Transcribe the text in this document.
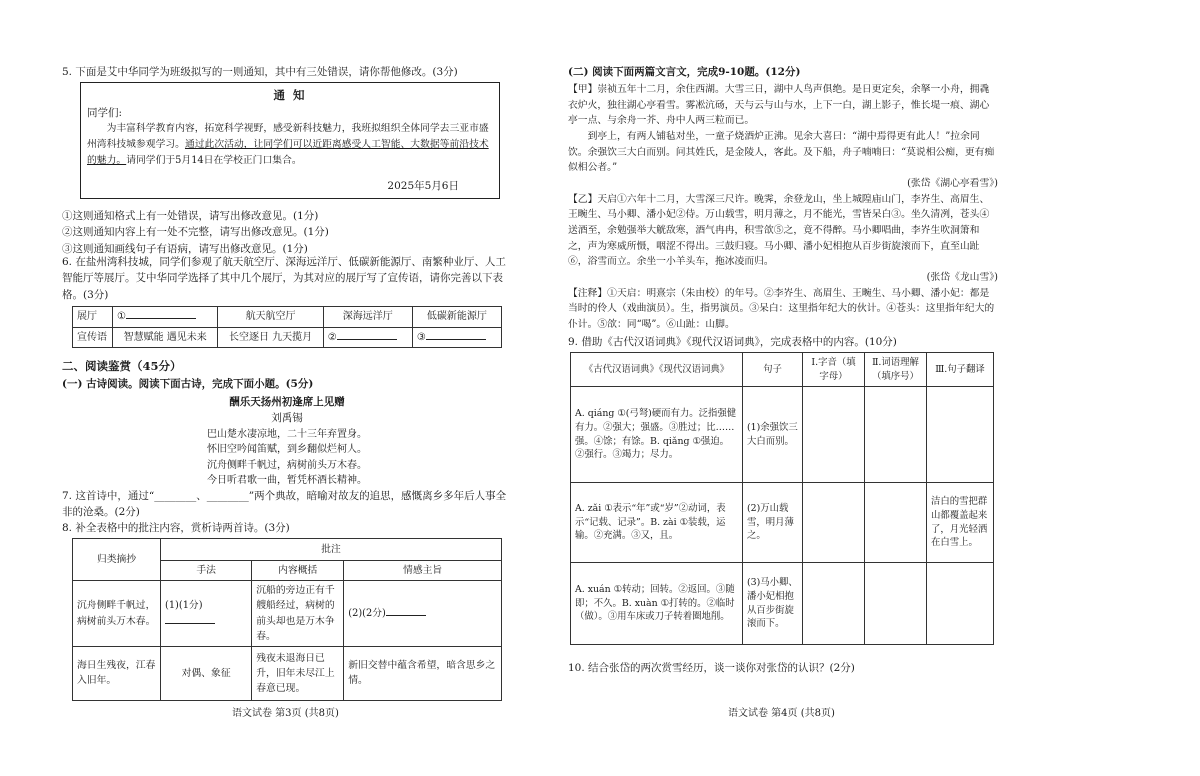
5. 下面是艾中华同学为班级拟写的一则通知，其中有三处错误，请你帮他修改。(3分)

通 知

同学们:

为丰富科学教育内容，拓宽科学视野，感受新科技魅力，我班拟组织全体同学去三亚市盛州湾科技城参观学习。通过此次活动，让同学们可以近距离感受人工智能、大数据等前沿技术的魅力。请同学们于5月14日在学校正门口集合。

2025年5月6日

①这则通知格式上有一处错误，请写出修改意见。(1分)

②这则通知内容上有一处不完整，请写出修改意见。(1分)

③这则通知画线句子有语病，请写出修改意见。(1分)

6. 在盐州湾科技城，同学们参观了航天航空厅、深海远洋厅、低碳新能源厅、南繁种业厅、人工智能厅等展厅。艾中华同学选择了其中几个展厅，为其对应的展厅写了宣传语，请你完善以下表格。(3分)

展厅	①	航天航空厅	深海远洋厅	低碳新能源厅
宣传语	智慧赋能 遇见未来	长空逐日 九天揽月	②	③

二、阅读鉴赏（45分）

(一) 古诗阅读。阅读下面古诗，完成下面小题。(5分)

酬乐天扬州初逢席上见赠

刘禹锡

巴山楚水凄凉地，二十三年弃置身。

怀旧空吟闻笛赋，到乡翻似烂柯人。

沉舟侧畔千帆过，病树前头万木春。

今日听君歌一曲，暂凭杯酒长精神。

7. 这首诗中，通过“________、________”两个典故，暗喻对故友的追思，感慨离乡多年后人事全非的沧桑。(2分)

8. 补全表格中的批注内容，赏析诗两首诗。(3分)

归类摘抄	批注		
	手法	内容概括	情感主旨
沉舟侧畔千帆过，病树前头万木春。	(1)(1分)	沉船的旁边正有千艘船经过，病树的前头却也是万木争春。	(2)(2分)
海日生残夜，江春入旧年。	对偶、象征	残夜未退海日已升，旧年未尽江上春意已现。	新旧交替中蕴含希望，暗含思乡之情。

语文试卷 第3页 (共8页)

(二) 阅读下面两篇文言文，完成9-10题。(12分)

【甲】崇祯五年十二月，余住西湖。大雪三日，湖中人鸟声俱绝。是日更定矣，余拏一小舟，拥毳衣炉火，独往湖心亭看雪。雾凇沆砀，天与云与山与水，上下一白，湖上影子，惟长堤一痕、湖心亭一点、与余舟一芥、舟中人两三粒而已。

到亭上，有两人铺毡对坐，一童子烧酒炉正沸。见余大喜曰：“湖中焉得更有此人！”拉余同饮。余强饮三大白而别。问其姓氏，是金陵人，客此。及下船，舟子喃喃曰：“莫说相公痴，更有痴似相公者。”

(张岱《湖心亭看雪》)

【乙】天启①六年十二月，大雪深三尺许。晚霁，余登龙山，坐上城隍庙山门，李岕生、高眉生、王畹生、马小卿、潘小妃②侍。万山载雪，明月薄之，月不能光，雪皆呆白③。坐久清冽，苍头④送酒至，余勉强举大觥敌寒，酒气冉冉，积雪欱⑤之，竟不得醉。马小卿唱曲，李岕生吹洞箫和之，声为寒威所慑，咽涩不得出。三鼓归寝。马小卿、潘小妃相抱从百步街旋滚而下，直至山趾⑥，浴雪而立。余坐一小羊头车，拖冰凌而归。

(张岱《龙山雪》)

【注释】①天启：明熹宗（朱由校）的年号。②李岕生、高眉生、王畹生、马小卿、潘小妃：都是当时的伶人（戏曲演员）。生，指男演员。③呆白：这里指年纪大的伙计。④苍头：这里指年纪大的仆计。⑤欱：同“喝”。⑥山趾：山脚。

9. 借助《古代汉语词典》《现代汉语词典》，完成表格中的内容。(10分)

《古代汉语词典》《现代汉语词典》	句子	Ⅰ.字音（填字母）	Ⅱ.词语理解（填序号）	Ⅲ.句子翻译
A. qiáng ①(弓弩)硬而有力。泛指强健有力。②强大；强盛。③胜过；比……强。④馀；有馀。B. qiǎng ①强迫。②强行。③竭力；尽力。	(1)余强饮三大白而别。			
A. zǎi ①表示“年”或“岁”②动词，表示“记载、记录”。B. zài ①装载，运输。②充满。③又，且。	(2)万山载雪，明月薄之。			洁白的雪把群山都覆盖起来了，月光轻洒在白雪上。
A. xuán ①转动；回转。②返回。③随即；不久。B. xuàn ①打转的。②临时（做）。③用车床或刀子转着圈地削。	(3)马小卿、潘小妃相抱从百步街旋滚而下。			

10. 结合张岱的两次赏雪经历，谈一谈你对张岱的认识？(2分)

语文试卷 第4页 (共8页)
